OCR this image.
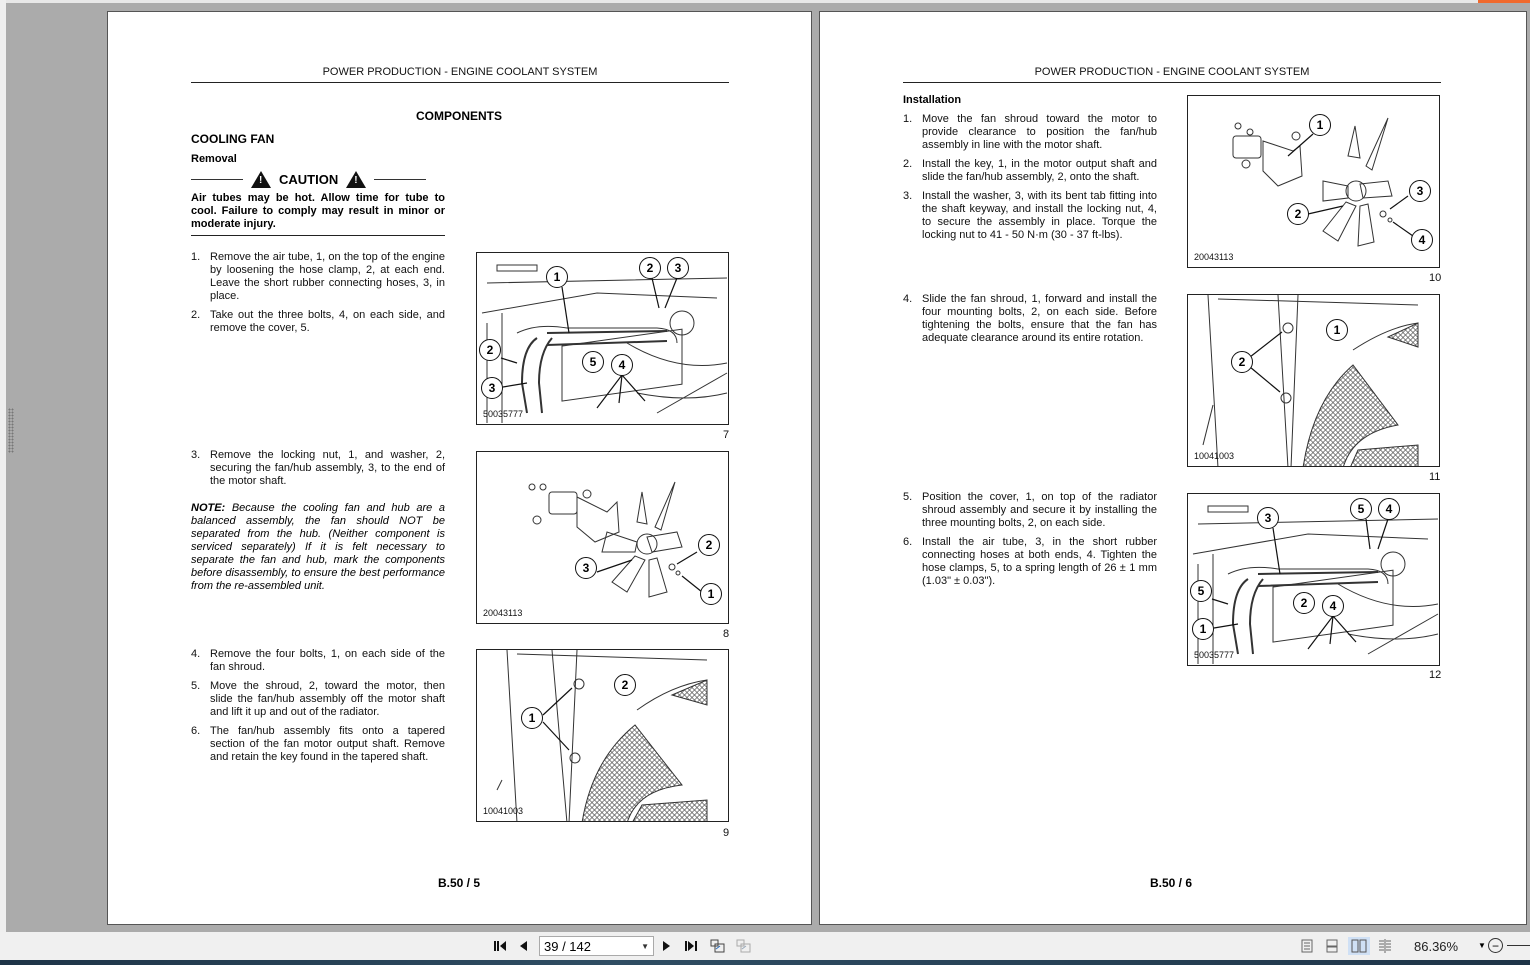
POWER PRODUCTION - ENGINE COOLANT SYSTEM
COMPONENTS
COOLING FAN
Removal
!
CAUTION
!
Air tubes may be hot. Allow time for tube to cool. Failure to comply may result in minor or moderate injury.
1. Remove the air tube, 1, on the top of the engine by loosening the hose clamp, 2, at each end. Leave the short rubber connecting hoses, 3, in place.
2. Take out the three bolts, 4, on each side, and remove the cover, 5.
3. Remove the locking nut, 1, and washer, 2, securing the fan/hub assembly, 3, to the end of the motor shaft.
NOTE: Because the cooling fan and hub are a balanced assembly, the fan should NOT be separated from the hub. (Neither component is serviced separately) If it is felt necessary to separate the fan and hub, mark the components before disassembly, to ensure the best performance from the re-assembled unit.
4. Remove the four bolts, 1, on each side of the fan shroud.
5. Move the shroud, 2, toward the motor, then slide the fan/hub assembly off the motor shaft and lift it up and out of the radiator.
6. The fan/hub assembly fits onto a tapered section of the fan motor output shaft. Remove and retain the key found in the tapered shaft.
1
2	3
2
3
5	4
50035777
7
2
3
1
20043113
8
2
1
10041003
9
B.50 / 5
POWER PRODUCTION - ENGINE COOLANT SYSTEM
Installation
1. Move the fan shroud toward the motor to provide clearance to position the fan/hub assembly in line with the motor shaft.
2. Install the key, 1, in the motor output shaft and slide the fan/hub assembly, 2, onto the shaft.
3. Install the washer, 3, with its bent tab fitting into the shaft keyway, and install the locking nut, 4, to secure the assembly in place. Torque the locking nut to 41 - 50 N·m (30 - 37 ft-lbs).
4. Slide the fan shroud, 1, forward and install the four mounting bolts, 2, on each side. Before tightening the bolts, ensure that the fan has adequate clearance around its entire rotation.
5. Position the cover, 1, on top of the radiator shroud assembly and secure it by installing the three mounting bolts, 2, on each side.
6. Install the air tube, 3, in the short rubber connecting hoses at both ends, 4. Tighten the hose clamps, 5, to a spring length of 26 ± 1 mm (1.03" ± 0.03").
1
3
2
4
20043113
10
1
2
10041003
11
3
5	4
5
1
2	4
50035777
12
B.50 / 6
39 / 142	▼	86.36% ▼ −
